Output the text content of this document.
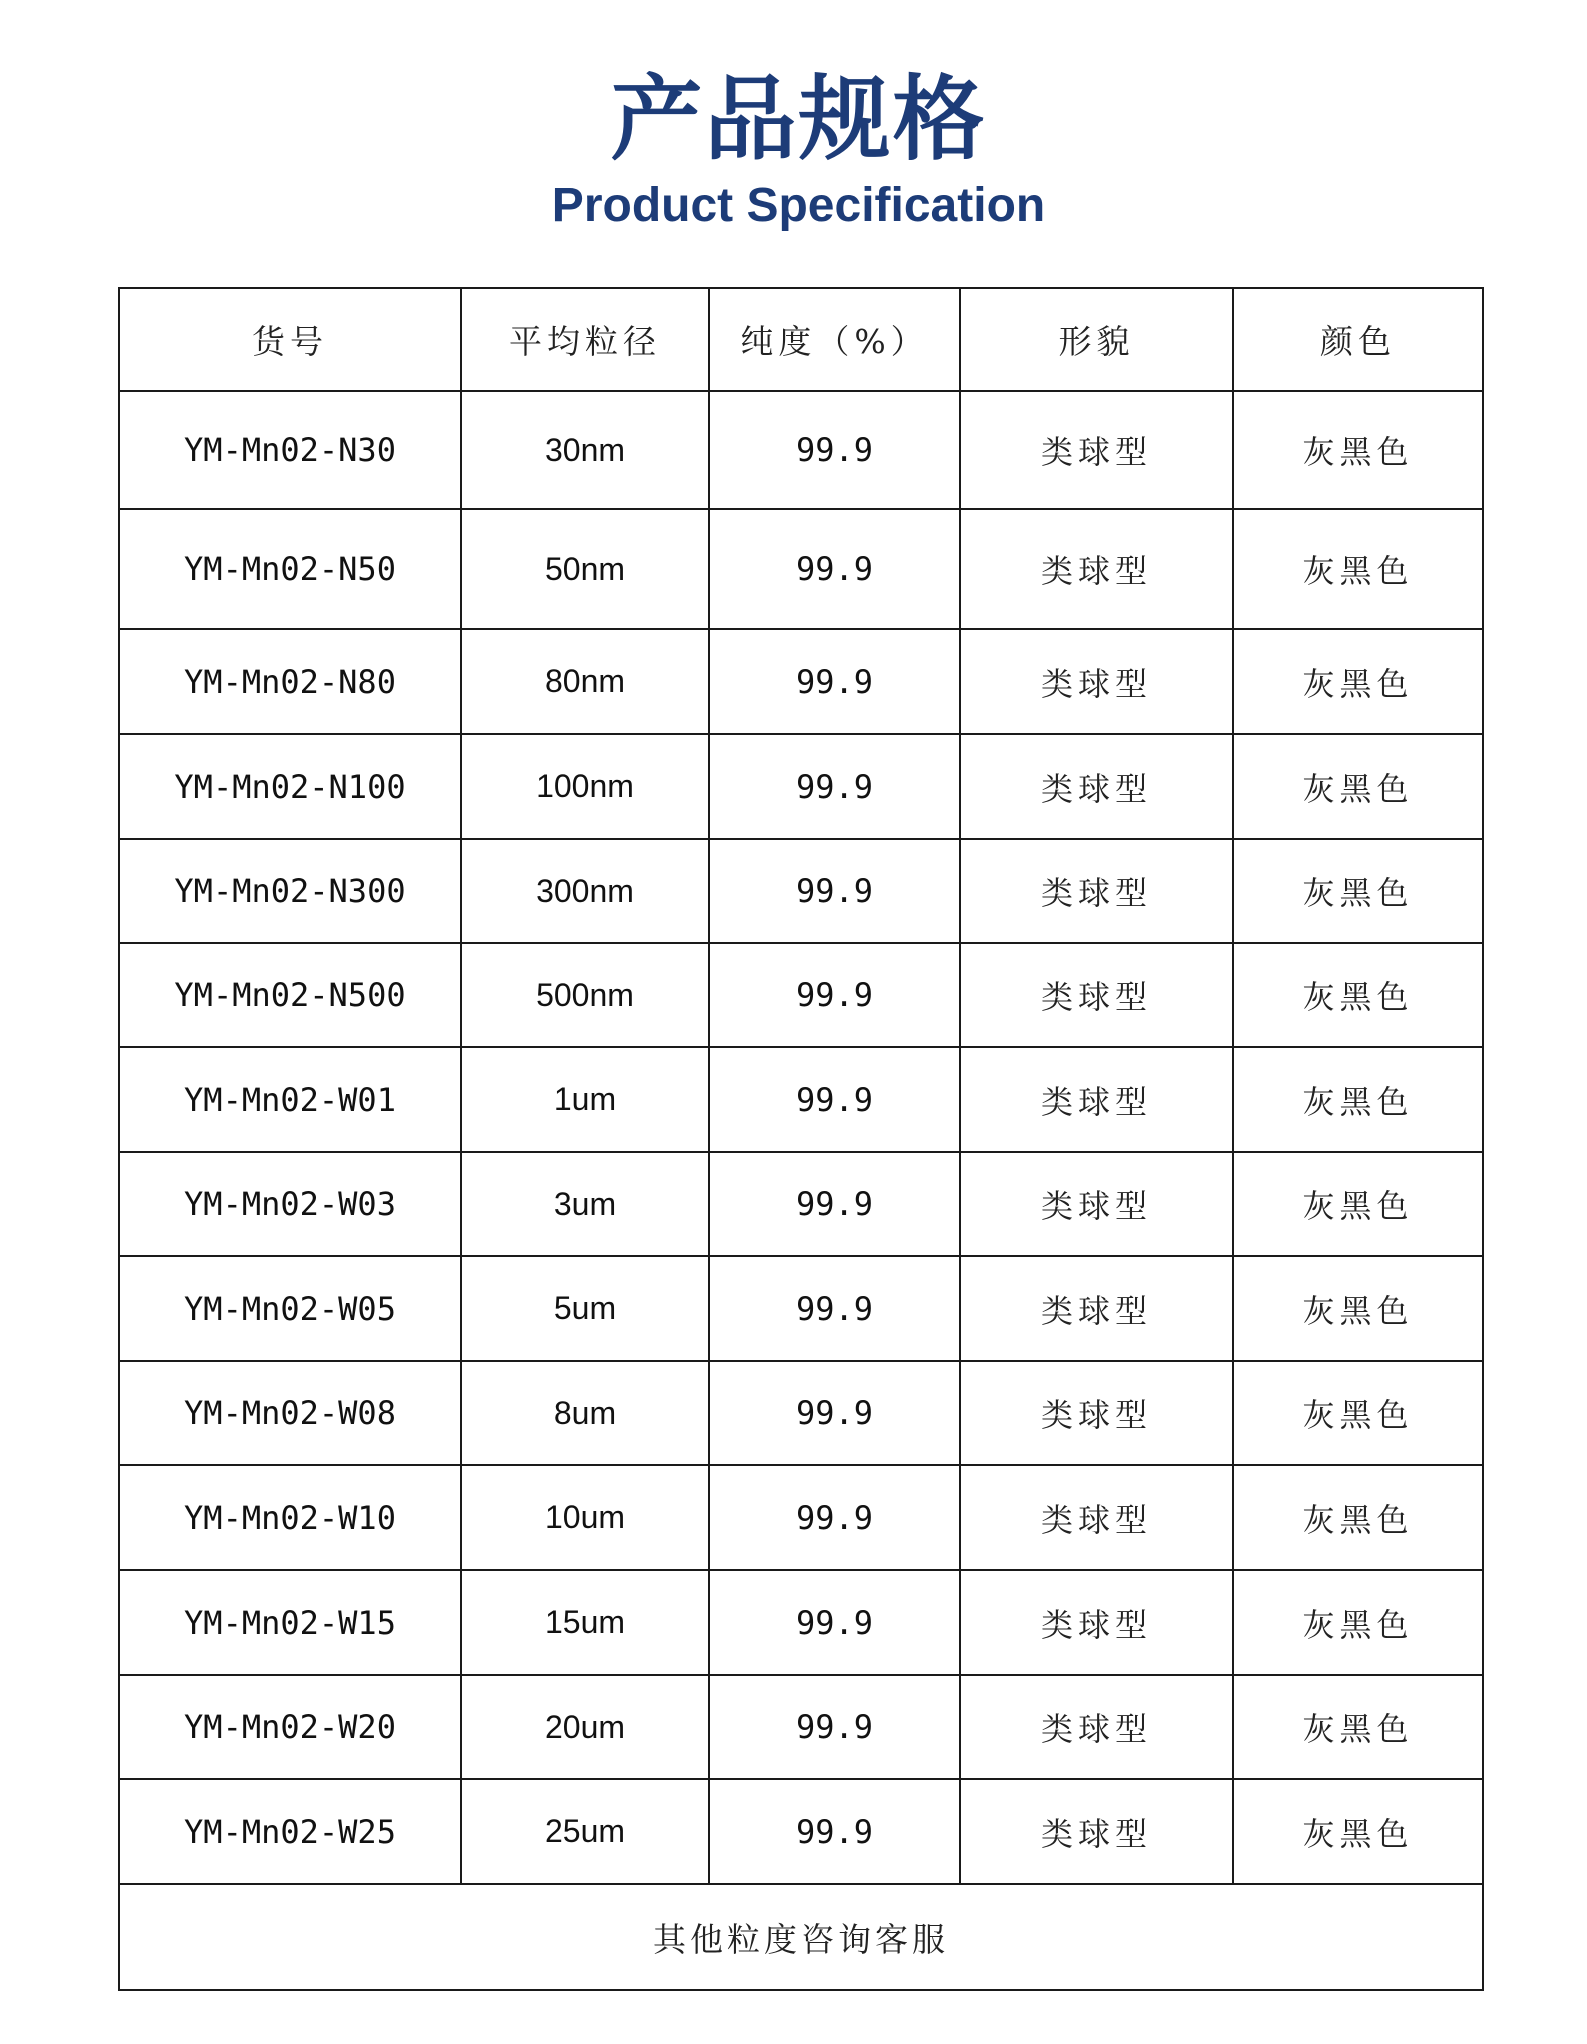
产品规格
Product Specification
货号	平均粒径	纯度（%）	形貌	颜色
YM-Mn02-N30	30nm	99.9	类球型	灰黑色
YM-Mn02-N50	50nm	99.9	类球型	灰黑色
YM-Mn02-N80	80nm	99.9	类球型	灰黑色
YM-Mn02-N100	100nm	99.9	类球型	灰黑色
YM-Mn02-N300	300nm	99.9	类球型	灰黑色
YM-Mn02-N500	500nm	99.9	类球型	灰黑色
YM-Mn02-W01	1um	99.9	类球型	灰黑色
YM-Mn02-W03	3um	99.9	类球型	灰黑色
YM-Mn02-W05	5um	99.9	类球型	灰黑色
YM-Mn02-W08	8um	99.9	类球型	灰黑色
YM-Mn02-W10	10um	99.9	类球型	灰黑色
YM-Mn02-W15	15um	99.9	类球型	灰黑色
YM-Mn02-W20	20um	99.9	类球型	灰黑色
YM-Mn02-W25	25um	99.9	类球型	灰黑色
其他粒度咨询客服				
